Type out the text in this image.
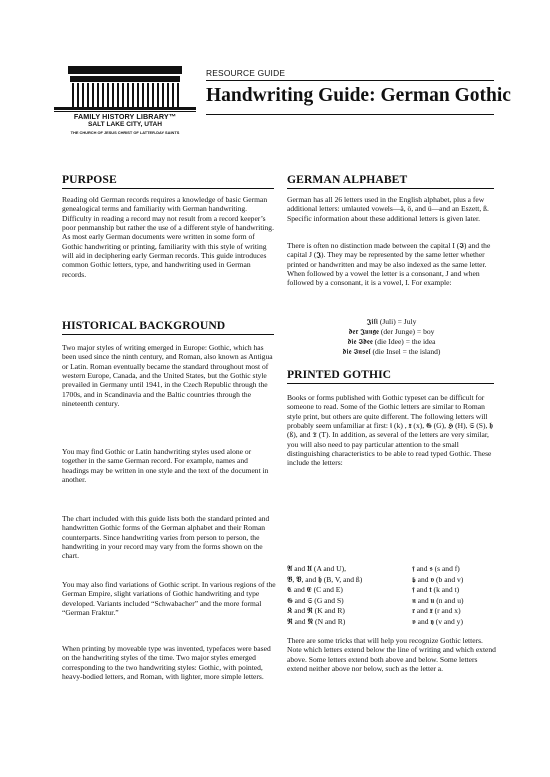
FAMILY HISTORY LIBRARY™
SALT LAKE CITY, UTAH
THE CHURCH OF JESUS CHRIST OF LATTER-DAY SAINTS
RESOURCE GUIDE
Handwriting Guide: German Gothic
PURPOSE
Reading old German records requires a knowledge of basic German genealogical terms and familiarity with German handwriting. Difficulty in reading a record may not result from a record keeper’s poor penmanship but rather the use of a different style of handwriting. As most early German documents were written in some form of Gothic handwriting or printing, familiarity with this style of writing will aid in deciphering early German records. This guide introduces common Gothic letters, type, and handwriting used in German records.
HISTORICAL BACKGROUND
Two major styles of writing emerged in Europe: Gothic, which has been used since the ninth century, and Roman, also known as Antigua or Latin. Roman eventually became the standard throughout most of western Europe, Canada, and the United States, but the Gothic style prevailed in Germany until 1941, in the Czech Republic through the 1700s, and in Scandinavia and the Baltic countries through the nineteenth century.
You may find Gothic or Latin handwriting styles used alone or together in the same German record. For example, names and headings may be written in one style and the text of the document in another.
The chart included with this guide lists both the standard printed and handwritten Gothic forms of the German alphabet and their Roman counterparts. Since handwriting varies from person to person, the handwriting in your record may vary from the forms shown on the chart.
You may also find variations of Gothic script. In various regions of the German Empire, slight variations of Gothic handwriting and type developed. Variants included “Schwabacher” and the more formal “German Fraktur.”
When printing by moveable type was invented, typefaces were based on the handwriting styles of the time. Two major styles emerged corresponding to the two handwriting styles: Gothic, with pointed, heavy-bodied letters, and Roman, with lighter, more simple letters.
GERMAN ALPHABET
German has all 26 letters used in the English alphabet, plus a few additional letters: umlauted vowels—ä, ö, and ü—and an Eszett, ß. Specific information about these additional letters is given later.
There is often no distinction made between the capital I (𝕴) and the capital J (𝕵). They may be represented by the same letter whether printed or handwritten and may be also indexed as the same letter. When followed by a vowel the letter is a consonant, J and when followed by a consonant, it is a vowel, I. For example:
𝕵𝖎𝖑𝖎 (Juli) = July
𝖉𝖊𝖗 𝕵𝖚𝖓𝖌𝖊 (der Junge) = boy
𝖉𝖎𝖊 𝕴𝖉𝖊𝖊 (die Idee) = the idea
𝖉𝖎𝖊 𝕴𝖓𝖘𝖊𝖑 (die Insel = the island)
PRINTED GOTHIC
Books or forms published with Gothic typeset can be difficult for someone to read. Some of the Gothic letters are similar to Roman style print, but others are quite different. The following letters will probably seem unfamiliar at first: 𝖎 (k) , 𝖝 (x), 𝕲 (G), 𝕳 (H), 𝕾 (S), 𝖍 (ß), and 𝕿 (T). In addition, as several of the letters are very similar, you will also need to pay particular attention to the small distinguishing characteristics to be able to read typed Gothic. These include the letters:
𝕬 and 𝖀 (A and U),	𝖋 and 𝖘 (s and f)
𝕭, 𝖁, and 𝖍 (B, V, and ß)	𝖇 and 𝖛 (b and v)
𝕮 and 𝕰 (C and E)	𝖋 and 𝖙 (k and t)
𝕲 and 𝕾 (G and S)	𝖓 and 𝖚 (n and u)
𝕶 and 𝕽 (K and R)	𝖗 and 𝖝 (r and x)
𝕽 and 𝕹 (N and R)	𝖛 and 𝖞 (v and y)
There are some tricks that will help you recognize Gothic letters. Note which letters extend below the line of writing and which extend above. Some letters extend both above and below. Some letters extend neither above nor below, such as the letter a.
